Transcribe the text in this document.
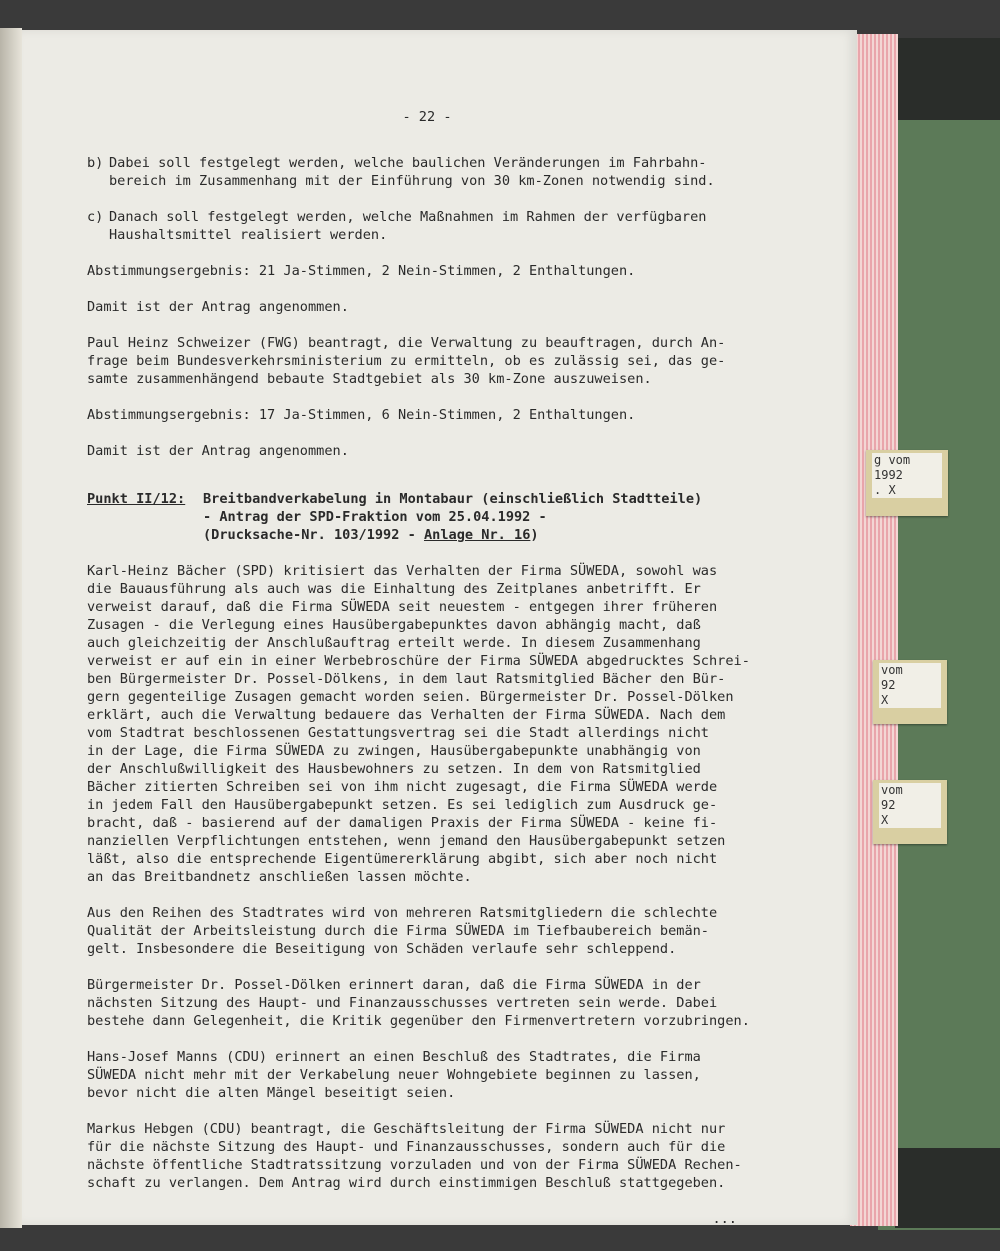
- 22 -
b) Dabei soll festgelegt werden, welche baulichen Veränderungen im Fahrbahn-
bereich im Zusammenhang mit der Einführung von 30 km-Zonen notwendig sind.
c) Danach soll festgelegt werden, welche Maßnahmen im Rahmen der verfügbaren
Haushaltsmittel realisiert werden.

Abstimmungsergebnis: 21 Ja-Stimmen, 2 Nein-Stimmen, 2 Enthaltungen.

Damit ist der Antrag angenommen.

Paul Heinz Schweizer (FWG) beantragt, die Verwaltung zu beauftragen, durch An-
frage beim Bundesverkehrsministerium zu ermitteln, ob es zulässig sei, das ge-
samte zusammenhängend bebaute Stadtgebiet als 30 km-Zone auszuweisen.

Abstimmungsergebnis: 17 Ja-Stimmen, 6 Nein-Stimmen, 2 Enthaltungen.

Damit ist der Antrag angenommen.

Punkt II/12:	Breitbandverkabelung in Montabaur (einschließlich Stadtteile)
- Antrag der SPD-Fraktion vom 25.04.1992 -
(Drucksache-Nr. 103/1992 - Anlage Nr. 16)

Karl-Heinz Bächer (SPD) kritisiert das Verhalten der Firma SÜWEDA, sowohl was
die Bauausführung als auch was die Einhaltung des Zeitplanes anbetrifft. Er
verweist darauf, daß die Firma SÜWEDA seit neuestem - entgegen ihrer früheren
Zusagen - die Verlegung eines Hausübergabepunktes davon abhängig macht, daß
auch gleichzeitig der Anschlußauftrag erteilt werde. In diesem Zusammenhang
verweist er auf ein in einer Werbebroschüre der Firma SÜWEDA abgedrucktes Schrei-
ben Bürgermeister Dr. Possel-Dölkens, in dem laut Ratsmitglied Bächer den Bür-
gern gegenteilige Zusagen gemacht worden seien. Bürgermeister Dr. Possel-Dölken
erklärt, auch die Verwaltung bedauere das Verhalten der Firma SÜWEDA. Nach dem
vom Stadtrat beschlossenen Gestattungsvertrag sei die Stadt allerdings nicht
in der Lage, die Firma SÜWEDA zu zwingen, Hausübergabepunkte unabhängig von
der Anschlußwilligkeit des Hausbewohners zu setzen. In dem von Ratsmitglied
Bächer zitierten Schreiben sei von ihm nicht zugesagt, die Firma SÜWEDA werde
in jedem Fall den Hausübergabepunkt setzen. Es sei lediglich zum Ausdruck ge-
bracht, daß - basierend auf der damaligen Praxis der Firma SÜWEDA - keine fi-
nanziellen Verpflichtungen entstehen, wenn jemand den Hausübergabepunkt setzen
läßt, also die entsprechende Eigentümererklärung abgibt, sich aber noch nicht
an das Breitbandnetz anschließen lassen möchte.

Aus den Reihen des Stadtrates wird von mehreren Ratsmitgliedern die schlechte
Qualität der Arbeitsleistung durch die Firma SÜWEDA im Tiefbaubereich bemän-
gelt. Insbesondere die Beseitigung von Schäden verlaufe sehr schleppend.

Bürgermeister Dr. Possel-Dölken erinnert daran, daß die Firma SÜWEDA in der
nächsten Sitzung des Haupt- und Finanzausschusses vertreten sein werde. Dabei
bestehe dann Gelegenheit, die Kritik gegenüber den Firmenvertretern vorzubringen.

Hans-Josef Manns (CDU) erinnert an einen Beschluß des Stadtrates, die Firma
SÜWEDA nicht mehr mit der Verkabelung neuer Wohngebiete beginnen zu lassen,
bevor nicht die alten Mängel beseitigt seien.

Markus Hebgen (CDU) beantragt, die Geschäftsleitung der Firma SÜWEDA nicht nur
für die nächste Sitzung des Haupt- und Finanzausschusses, sondern auch für die
nächste öffentliche Stadtratssitzung vorzuladen und von der Firma SÜWEDA Rechen-
schaft zu verlangen. Dem Antrag wird durch einstimmigen Beschluß stattgegeben.

...
g vom
1992
. X
vom
92
X
vom
92
X
